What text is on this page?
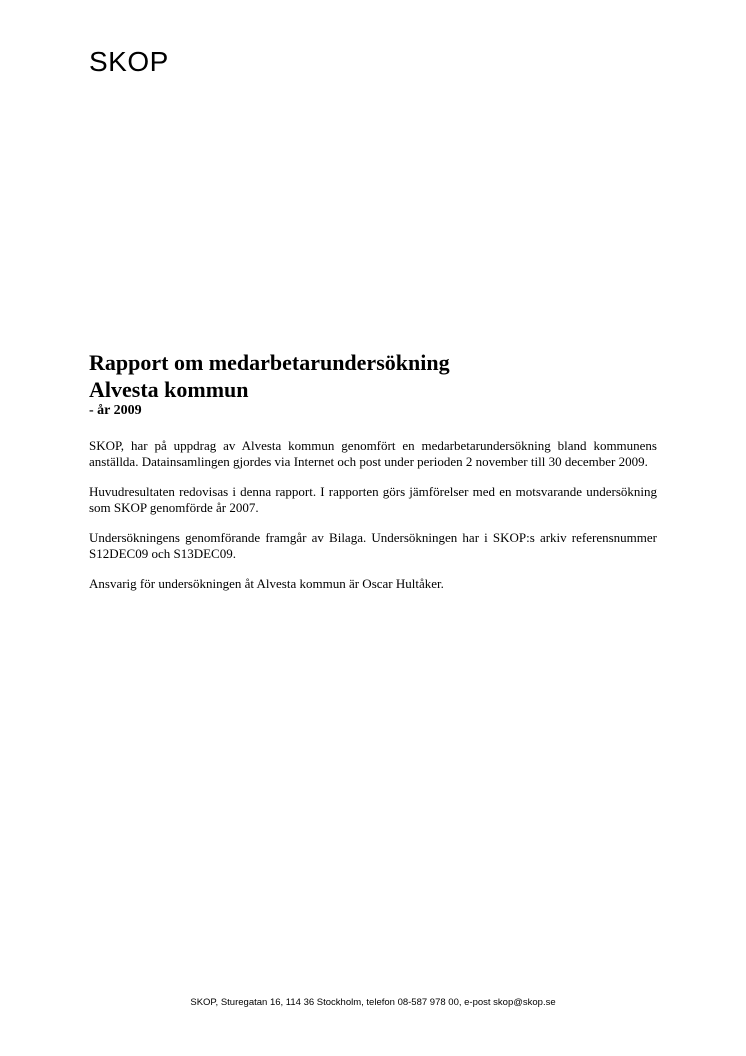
SKOP
Rapport om medarbetarundersökning
Alvesta kommun
- år 2009

SKOP, har på uppdrag av Alvesta kommun genomfört en medarbetarundersökning bland kommunens anställda. Datainsamlingen gjordes via Internet och post under perioden 2 november till 30 december 2009.

Huvudresultaten redovisas i denna rapport. I rapporten görs jämförelser med en motsvarande undersökning som SKOP genomförde år 2007.

Undersökningens genomförande framgår av Bilaga. Undersökningen har i SKOP:s arkiv referensnummer S12DEC09 och S13DEC09.

Ansvarig för undersökningen åt Alvesta kommun är Oscar Hultåker.

SKOP, Sturegatan 16, 114 36 Stockholm, telefon 08-587 978 00, e-post skop@skop.se
